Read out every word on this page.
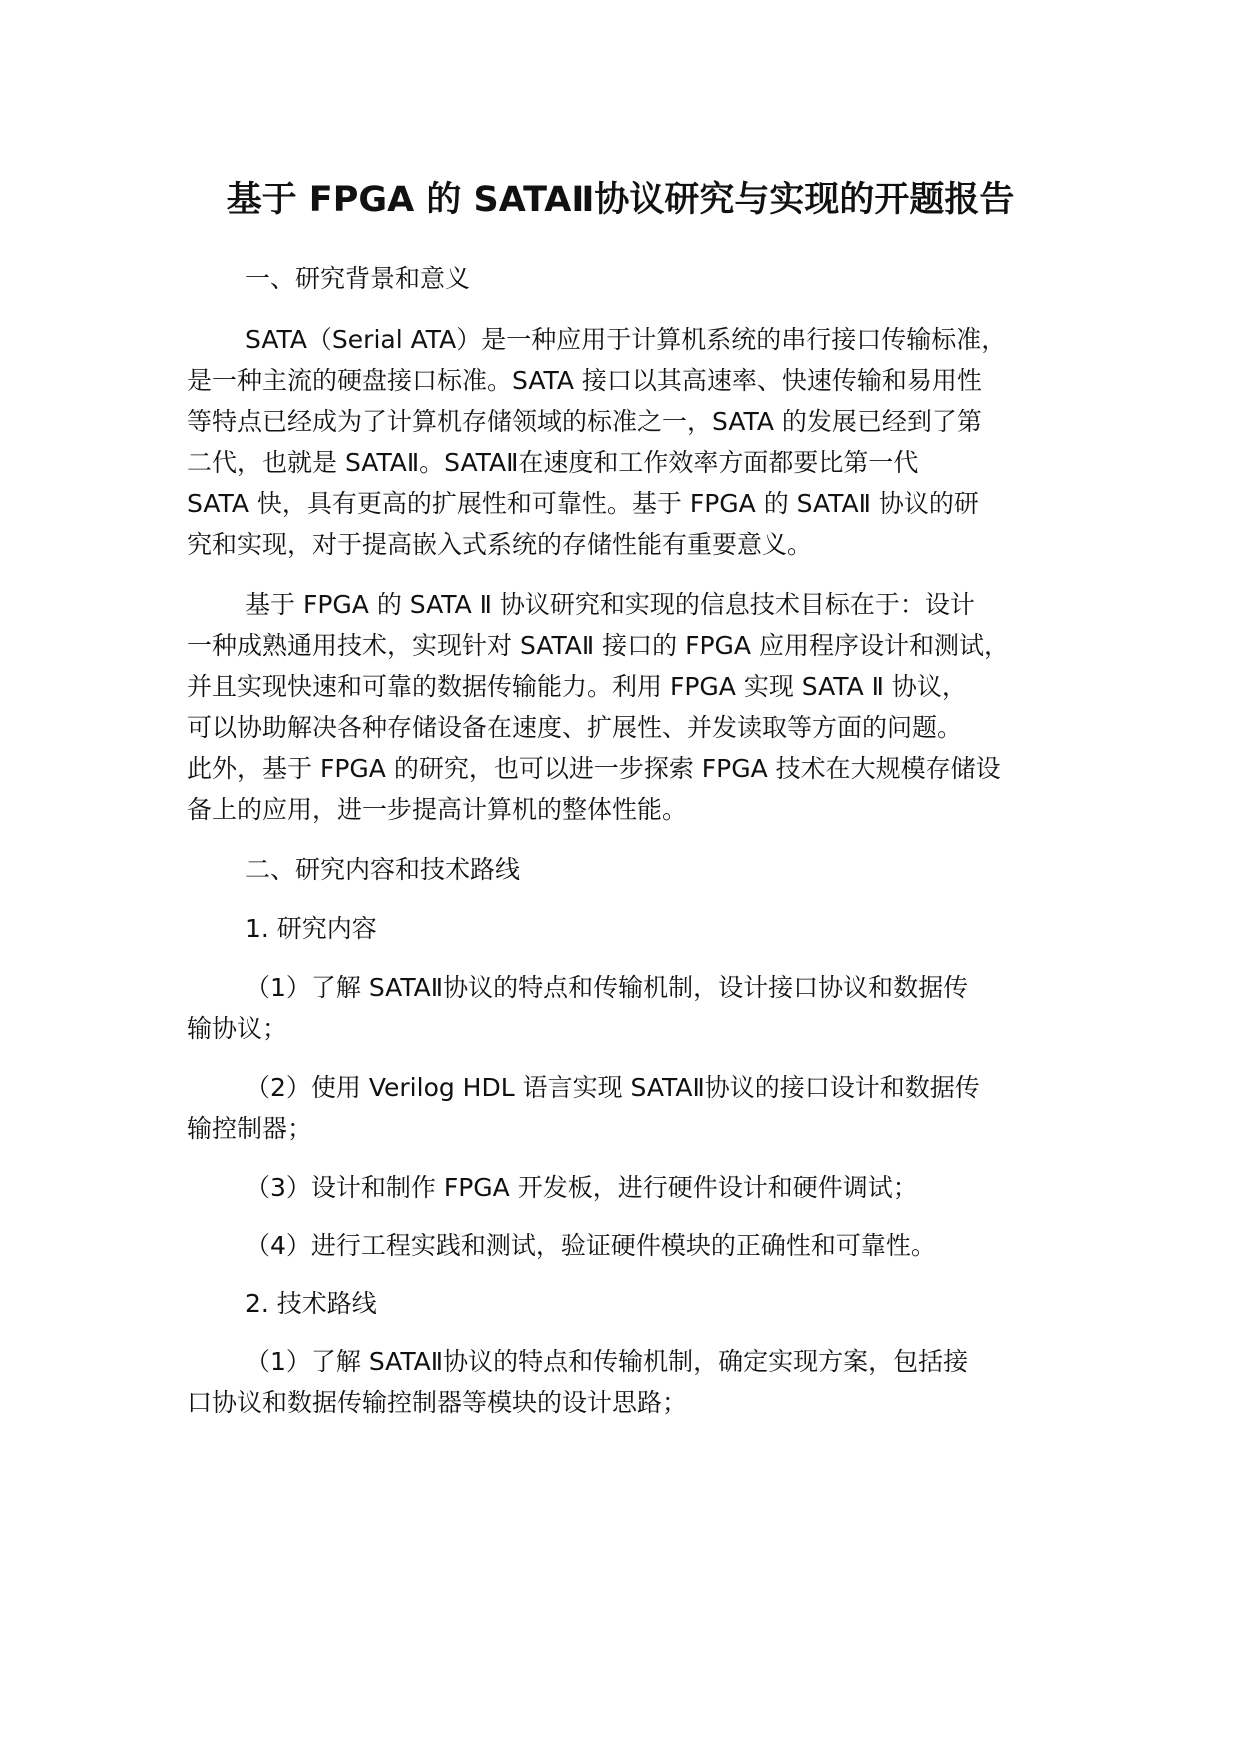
基于 FPGA 的 SATAⅡ协议研究与实现的开题报告
一、研究背景和意义
SATA（Serial ATA）是一种应用于计算机系统的串行接口传输标准，
是一种主流的硬盘接口标准。SATA 接口以其高速率、快速传输和易用性
等特点已经成为了计算机存储领域的标准之一，SATA 的发展已经到了第
二代，也就是 SATAⅡ。SATAⅡ在速度和工作效率方面都要比第一代
SATA 快，具有更高的扩展性和可靠性。基于 FPGA 的 SATAⅡ 协议的研
究和实现，对于提高嵌入式系统的存储性能有重要意义。
基于 FPGA 的 SATA Ⅱ 协议研究和实现的信息技术目标在于：设计
一种成熟通用技术，实现针对 SATAⅡ 接口的 FPGA 应用程序设计和测试，
并且实现快速和可靠的数据传输能力。利用 FPGA 实现 SATA Ⅱ 协议，
可以协助解决各种存储设备在速度、扩展性、并发读取等方面的问题。
此外，基于 FPGA 的研究，也可以进一步探索 FPGA 技术在大规模存储设
备上的应用，进一步提高计算机的整体性能。
二、研究内容和技术路线
1. 研究内容
（1）了解 SATAⅡ协议的特点和传输机制，设计接口协议和数据传
输协议；
（2）使用 Verilog HDL 语言实现 SATAⅡ协议的接口设计和数据传
输控制器；
（3）设计和制作 FPGA 开发板，进行硬件设计和硬件调试；
（4）进行工程实践和测试，验证硬件模块的正确性和可靠性。
2. 技术路线
（1）了解 SATAⅡ协议的特点和传输机制，确定实现方案，包括接
口协议和数据传输控制器等模块的设计思路；
